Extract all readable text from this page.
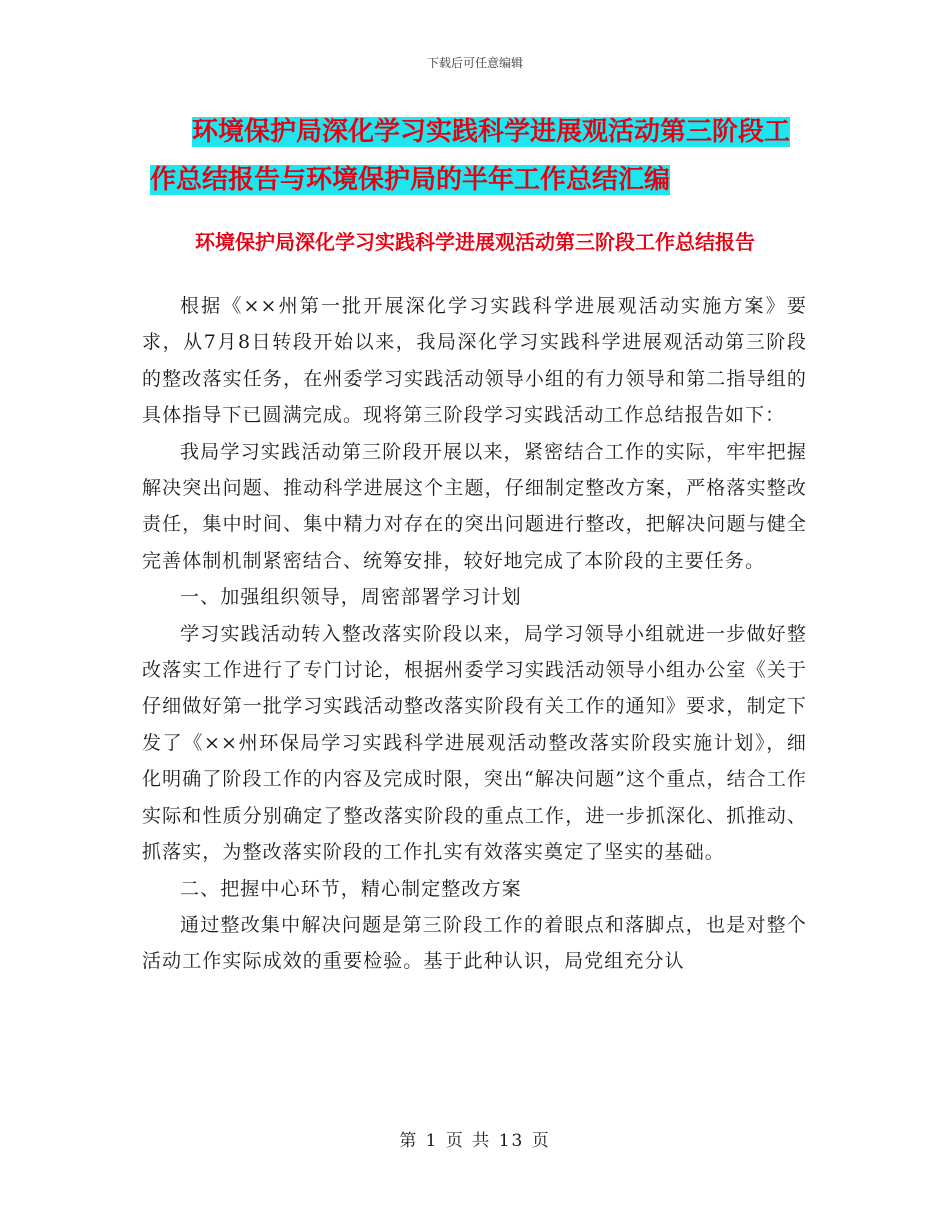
下载后可任意编辑
环境保护局深化学习实践科学进展观活动第三阶段工
作总结报告与环境保护局的半年工作总结汇编
环境保护局深化学习实践科学进展观活动第三阶段工作总结报告

根据《××州第一批开展深化学习实践科学进展观活动实施方案》要求，从7月8日转段开始以来，我局深化学习实践科学进展观活动第三阶段的整改落实任务，在州委学习实践活动领导小组的有力领导和第二指导组的具体指导下已圆满完成。现将第三阶段学习实践活动工作总结报告如下：

我局学习实践活动第三阶段开展以来，紧密结合工作的实际，牢牢把握解决突出问题、推动科学进展这个主题，仔细制定整改方案，严格落实整改责任，集中时间、集中精力对存在的突出问题进行整改，把解决问题与健全完善体制机制紧密结合、统筹安排，较好地完成了本阶段的主要任务。

一、加强组织领导，周密部署学习计划

学习实践活动转入整改落实阶段以来，局学习领导小组就进一步做好整改落实工作进行了专门讨论，根据州委学习实践活动领导小组办公室《关于仔细做好第一批学习实践活动整改落实阶段有关工作的通知》要求，制定下发了《××州环保局学习实践科学进展观活动整改落实阶段实施计划》，细化明确了阶段工作的内容及完成时限，突出“解决问题”这个重点，结合工作实际和性质分别确定了整改落实阶段的重点工作，进一步抓深化、抓推动、抓落实，为整改落实阶段的工作扎实有效落实奠定了坚实的基础。

二、把握中心环节，精心制定整改方案

通过整改集中解决问题是第三阶段工作的着眼点和落脚点，也是对整个活动工作实际成效的重要检验。基于此种认识，局党组充分认

第 1 页 共 13 页
